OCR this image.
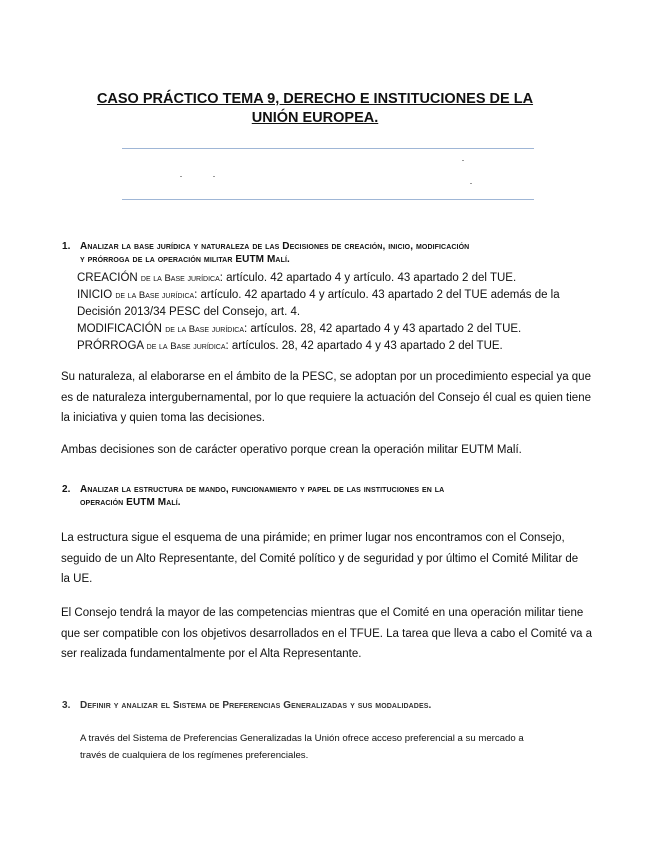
CASO PRÁCTICO TEMA 9, DERECHO E INSTITUCIONES DE LA
UNIÓN EUROPEA.
1. Analizar la base jurídica y naturaleza de las Decisiones de creación, inicio, modificación
y prórroga de la operación militar EUTM Malí.
CREACIÓN de la Base jurídica: artículo. 42 apartado 4 y artículo. 43 apartado 2 del TUE.
INICIO de la Base jurídica: artículo. 42 apartado 4 y artículo. 43 apartado 2 del TUE además de la
Decisión 2013/34 PESC del Consejo, art. 4.
MODIFICACIÓN de la Base jurídica: artículos. 28, 42 apartado 4 y 43 apartado 2 del TUE.
PRÓRROGA de la Base jurídica: artículos. 28, 42 apartado 4 y 43 apartado 2 del TUE.
Su naturaleza, al elaborarse en el ámbito de la PESC, se adoptan por un procedimiento especial ya que
es de naturaleza intergubernamental, por lo que requiere la actuación del Consejo él cual es quien tiene
la iniciativa y quien toma las decisiones.
Ambas decisiones son de carácter operativo porque crean la operación militar EUTM Malí.
2. Analizar la estructura de mando, funcionamiento y papel de las instituciones en la
operación EUTM Malí.
La estructura sigue el esquema de una pirámide; en primer lugar nos encontramos con el Consejo,
seguido de un Alto Representante, del Comité político y de seguridad y por último el Comité Militar de
la UE.
El Consejo tendrá la mayor de las competencias mientras que el Comité en una operación militar tiene
que ser compatible con los objetivos desarrollados en el TFUE. La tarea que lleva a cabo el Comité va a
ser realizada fundamentalmente por el Alta Representante.
3. Definir y analizar el Sistema de Preferencias Generalizadas y sus modalidades.
A través del Sistema de Preferencias Generalizadas la Unión ofrece acceso preferencial a su mercado a
través de cualquiera de los regímenes preferenciales.
